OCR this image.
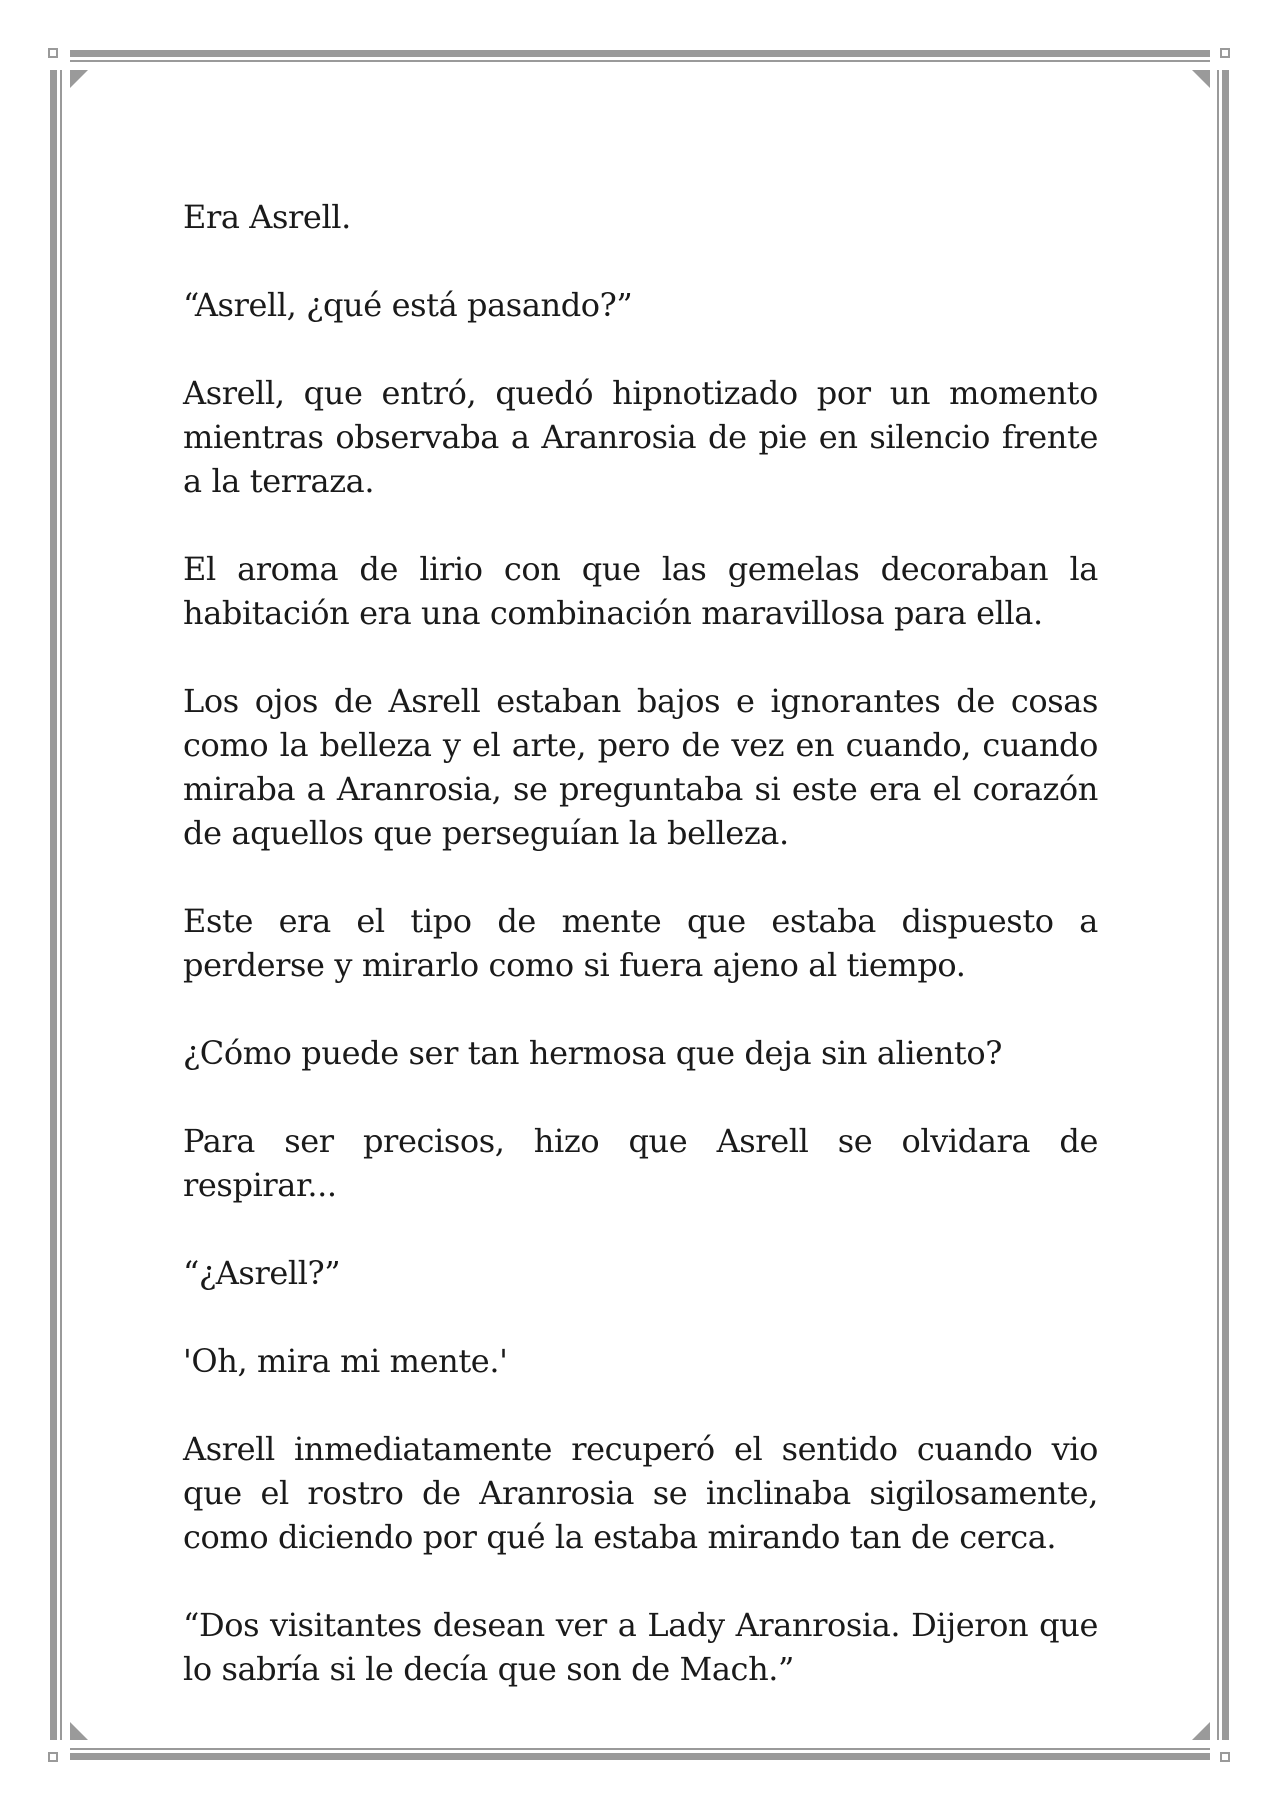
Era Asrell.

“Asrell, ¿qué está pasando?”

Asrell, que entró, quedó hipnotizado por un momento mientras observaba a Aranrosia de pie en silencio frente a la terraza.

El aroma de lirio con que las gemelas decoraban la habitación era una combinación maravillosa para ella.

Los ojos de Asrell estaban bajos e ignorantes de cosas como la belleza y el arte, pero de vez en cuando, cuando miraba a Aranrosia, se preguntaba si este era el corazón de aquellos que perseguían la belleza.

Este era el tipo de mente que estaba dispuesto a perderse y mirarlo como si fuera ajeno al tiempo.

¿Cómo puede ser tan hermosa que deja sin aliento?

Para ser precisos, hizo que Asrell se olvidara de respirar...

“¿Asrell?”

'Oh, mira mi mente.'

Asrell inmediatamente recuperó el sentido cuando vio que el rostro de Aranrosia se inclinaba sigilosamente, como diciendo por qué la estaba mirando tan de cerca.

“Dos visitantes desean ver a Lady Aranrosia. Dijeron que lo sabría si le decía que son de Mach.”
